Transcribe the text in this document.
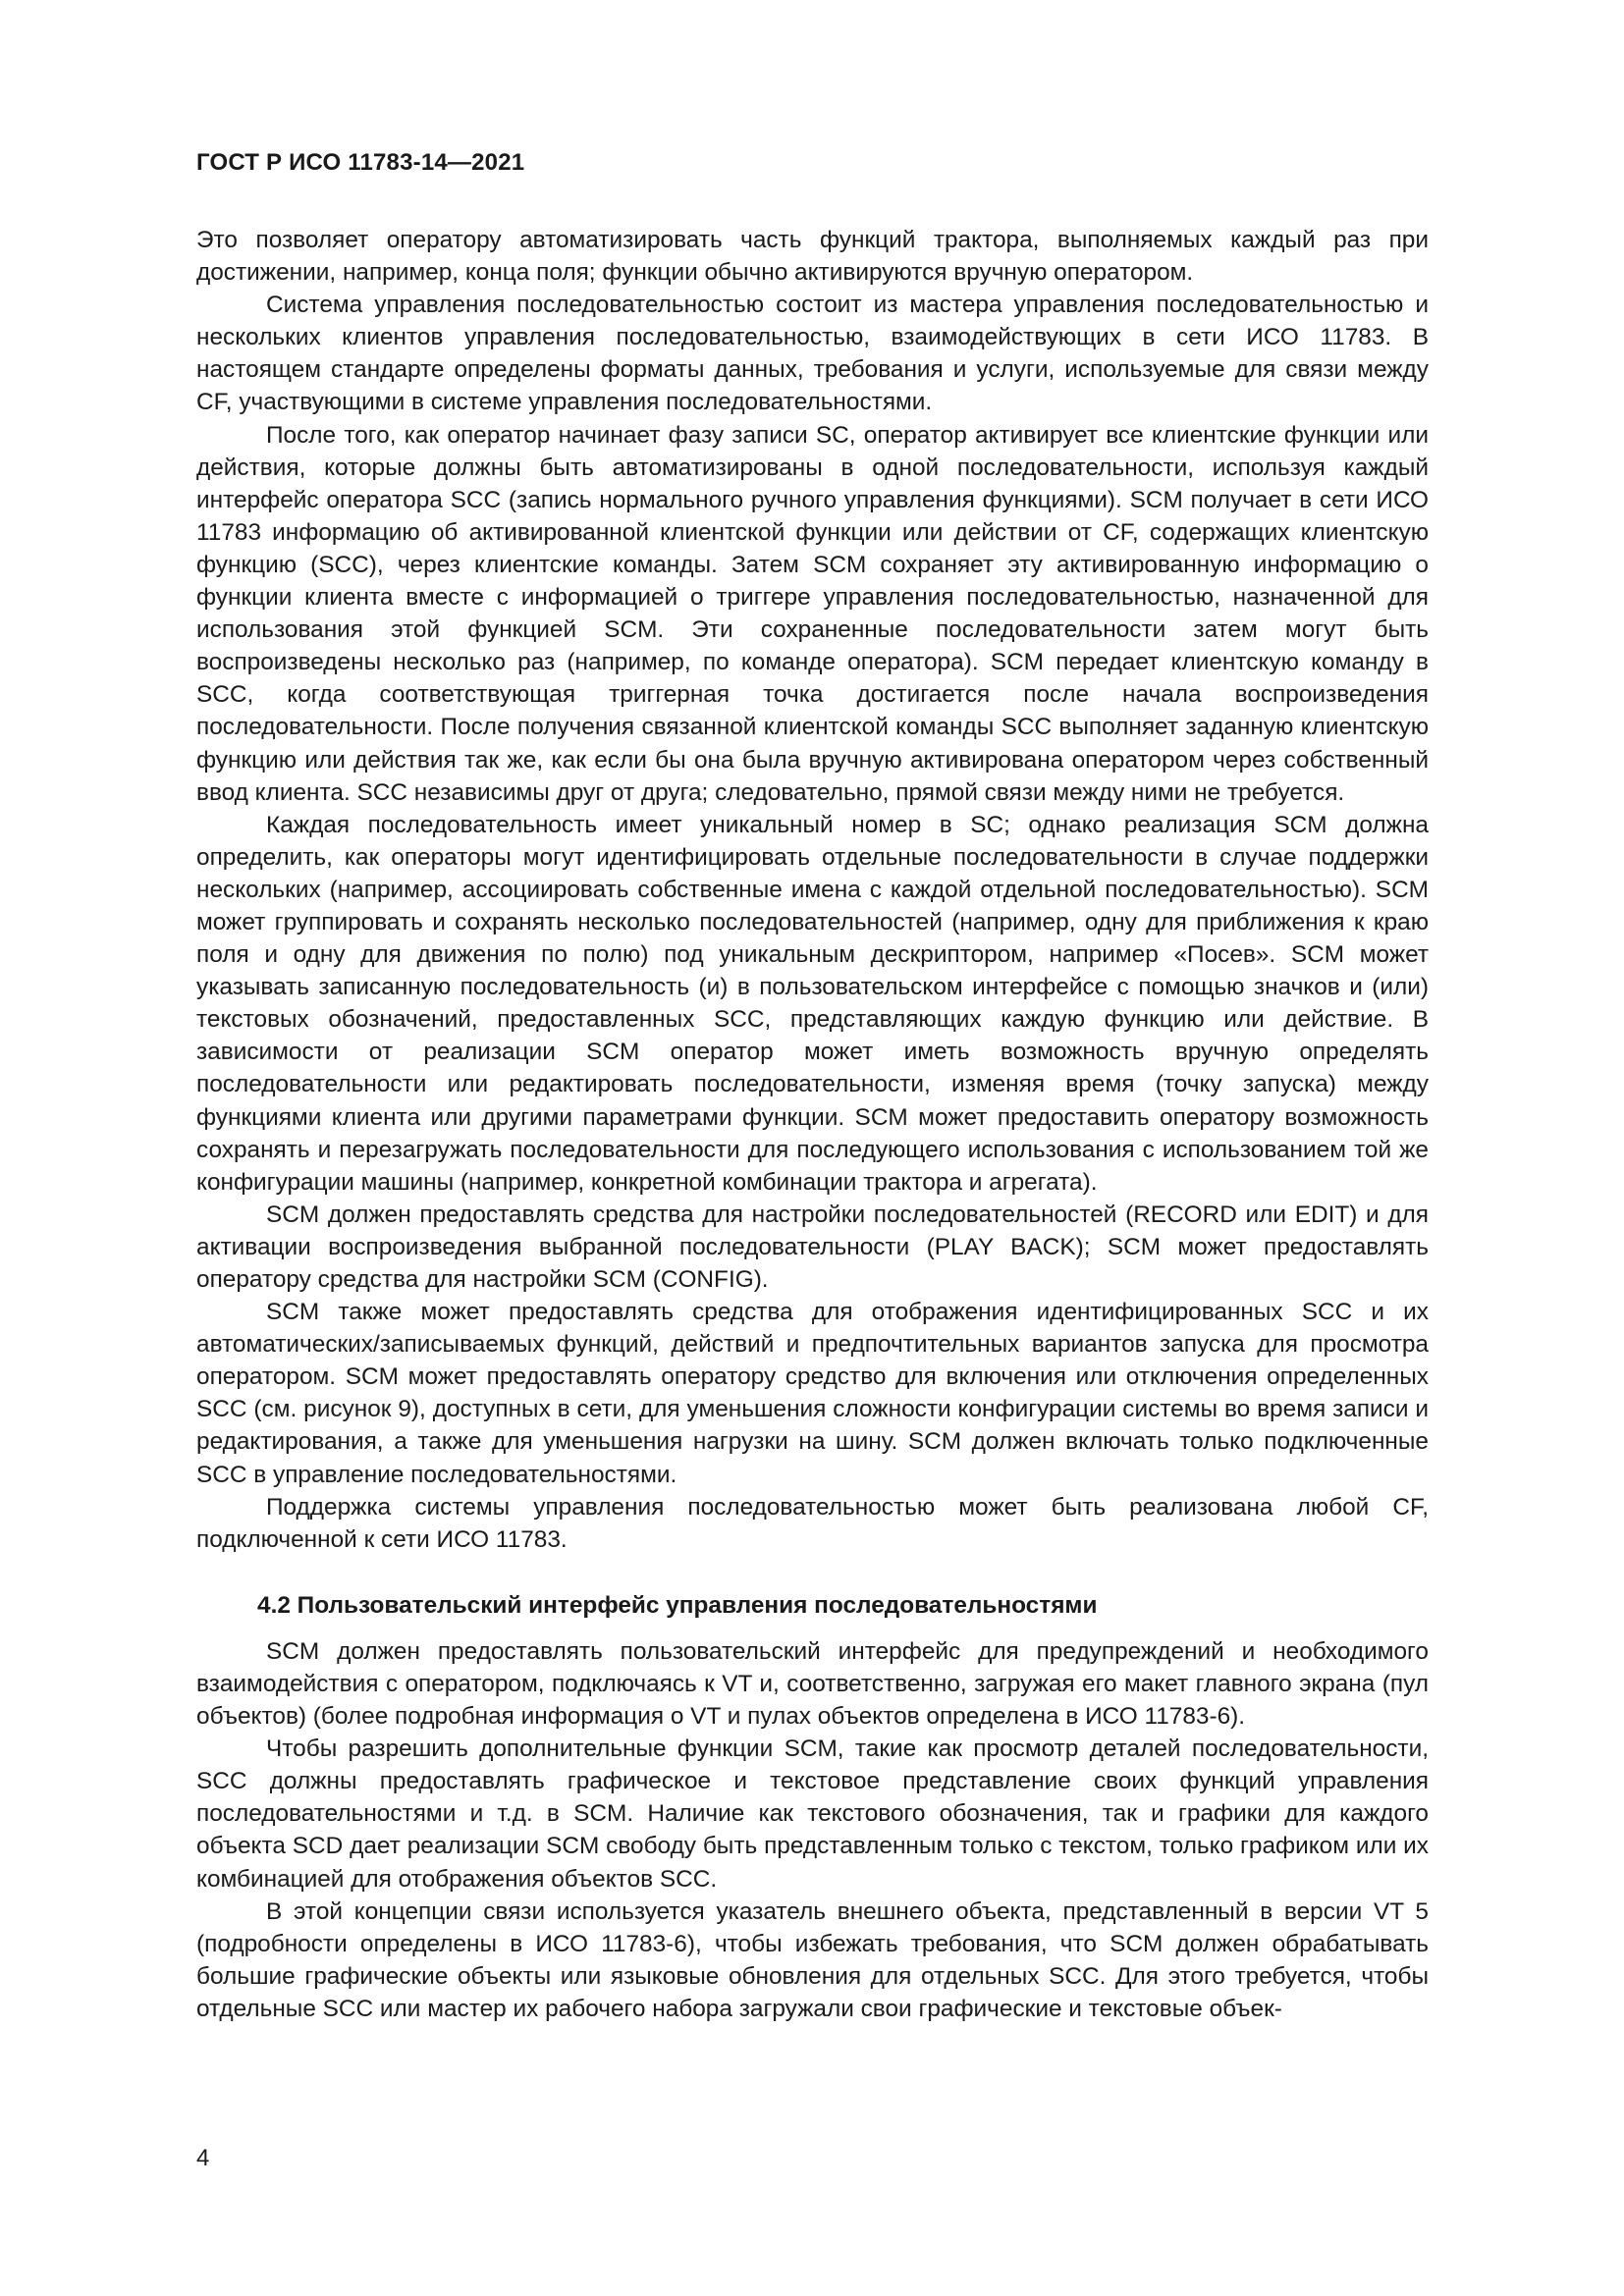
ГОСТ Р ИСО 11783-14—2021

Это позволяет оператору автоматизировать часть функций трактора, выполняемых каждый раз при достижении, например, конца поля; функции обычно активируются вручную оператором.

Система управления последовательностью состоит из мастера управления последовательностью и нескольких клиентов управления последовательностью, взаимодействующих в сети ИСО 11783. В настоящем стандарте определены форматы данных, требования и услуги, используемые для связи между CF, участвующими в системе управления последовательностями.

После того, как оператор начинает фазу записи SC, оператор активирует все клиентские функции или действия, которые должны быть автоматизированы в одной последовательности, используя каждый интерфейс оператора SCC (запись нормального ручного управления функциями). SCM получает в сети ИСО 11783 информацию об активированной клиентской функции или действии от CF, содержащих клиентскую функцию (SCC), через клиентские команды. Затем SCM сохраняет эту активированную информацию о функции клиента вместе с информацией о триггере управления последовательностью, назначенной для использования этой функцией SCM. Эти сохраненные последовательности затем могут быть воспроизведены несколько раз (например, по команде оператора). SCM передает клиентскую команду в SCC, когда соответствующая триггерная точка достигается после начала воспроизведения последовательности. После получения связанной клиентской команды SCC выполняет заданную клиентскую функцию или действия так же, как если бы она была вручную активирована оператором через собственный ввод клиента. SCC независимы друг от друга; следовательно, прямой связи между ними не требуется.

Каждая последовательность имеет уникальный номер в SC; однако реализация SCM должна определить, как операторы могут идентифицировать отдельные последовательности в случае поддержки нескольких (например, ассоциировать собственные имена с каждой отдельной последовательностью). SCM может группировать и сохранять несколько последовательностей (например, одну для приближения к краю поля и одну для движения по полю) под уникальным дескриптором, например «Посев». SCM может указывать записанную последовательность (и) в пользовательском интерфейсе с помощью значков и (или) текстовых обозначений, предоставленных SCC, представляющих каждую функцию или действие. В зависимости от реализации SCM оператор может иметь возможность вручную определять последовательности или редактировать последовательности, изменяя время (точку запуска) между функциями клиента или другими параметрами функции. SCM может предоставить оператору возможность сохранять и перезагружать последовательности для последующего использования с использованием той же конфигурации машины (например, конкретной комбинации трактора и агрегата).

SCM должен предоставлять средства для настройки последовательностей (RECORD или EDIT) и для активации воспроизведения выбранной последовательности (PLAY BACK); SCM может предоставлять оператору средства для настройки SCM (CONFIG).

SCM также может предоставлять средства для отображения идентифицированных SCC и их автоматических/записываемых функций, действий и предпочтительных вариантов запуска для просмотра оператором. SCM может предоставлять оператору средство для включения или отключения определенных SCC (см. рисунок 9), доступных в сети, для уменьшения сложности конфигурации системы во время записи и редактирования, а также для уменьшения нагрузки на шину. SCM должен включать только подключенные SCC в управление последовательностями.

Поддержка системы управления последовательностью может быть реализована любой CF, подключенной к сети ИСО 11783.

4.2 Пользовательский интерфейс управления последовательностями

SCM должен предоставлять пользовательский интерфейс для предупреждений и необходимого взаимодействия с оператором, подключаясь к VT и, соответственно, загружая его макет главного экрана (пул объектов) (более подробная информация о VT и пулах объектов определена в ИСО 11783-6).

Чтобы разрешить дополнительные функции SCM, такие как просмотр деталей последовательности, SCC должны предоставлять графическое и текстовое представление своих функций управления последовательностями и т.д. в SCM. Наличие как текстового обозначения, так и графики для каждого объекта SCD дает реализации SCM свободу быть представленным только с текстом, только графиком или их комбинацией для отображения объектов SCC.

В этой концепции связи используется указатель внешнего объекта, представленный в версии VT 5 (подробности определены в ИСО 11783-6), чтобы избежать требования, что SCM должен обрабатывать большие графические объекты или языковые обновления для отдельных SCC. Для этого требуется, чтобы отдельные SCC или мастер их рабочего набора загружали свои графические и текстовые объек-

4
